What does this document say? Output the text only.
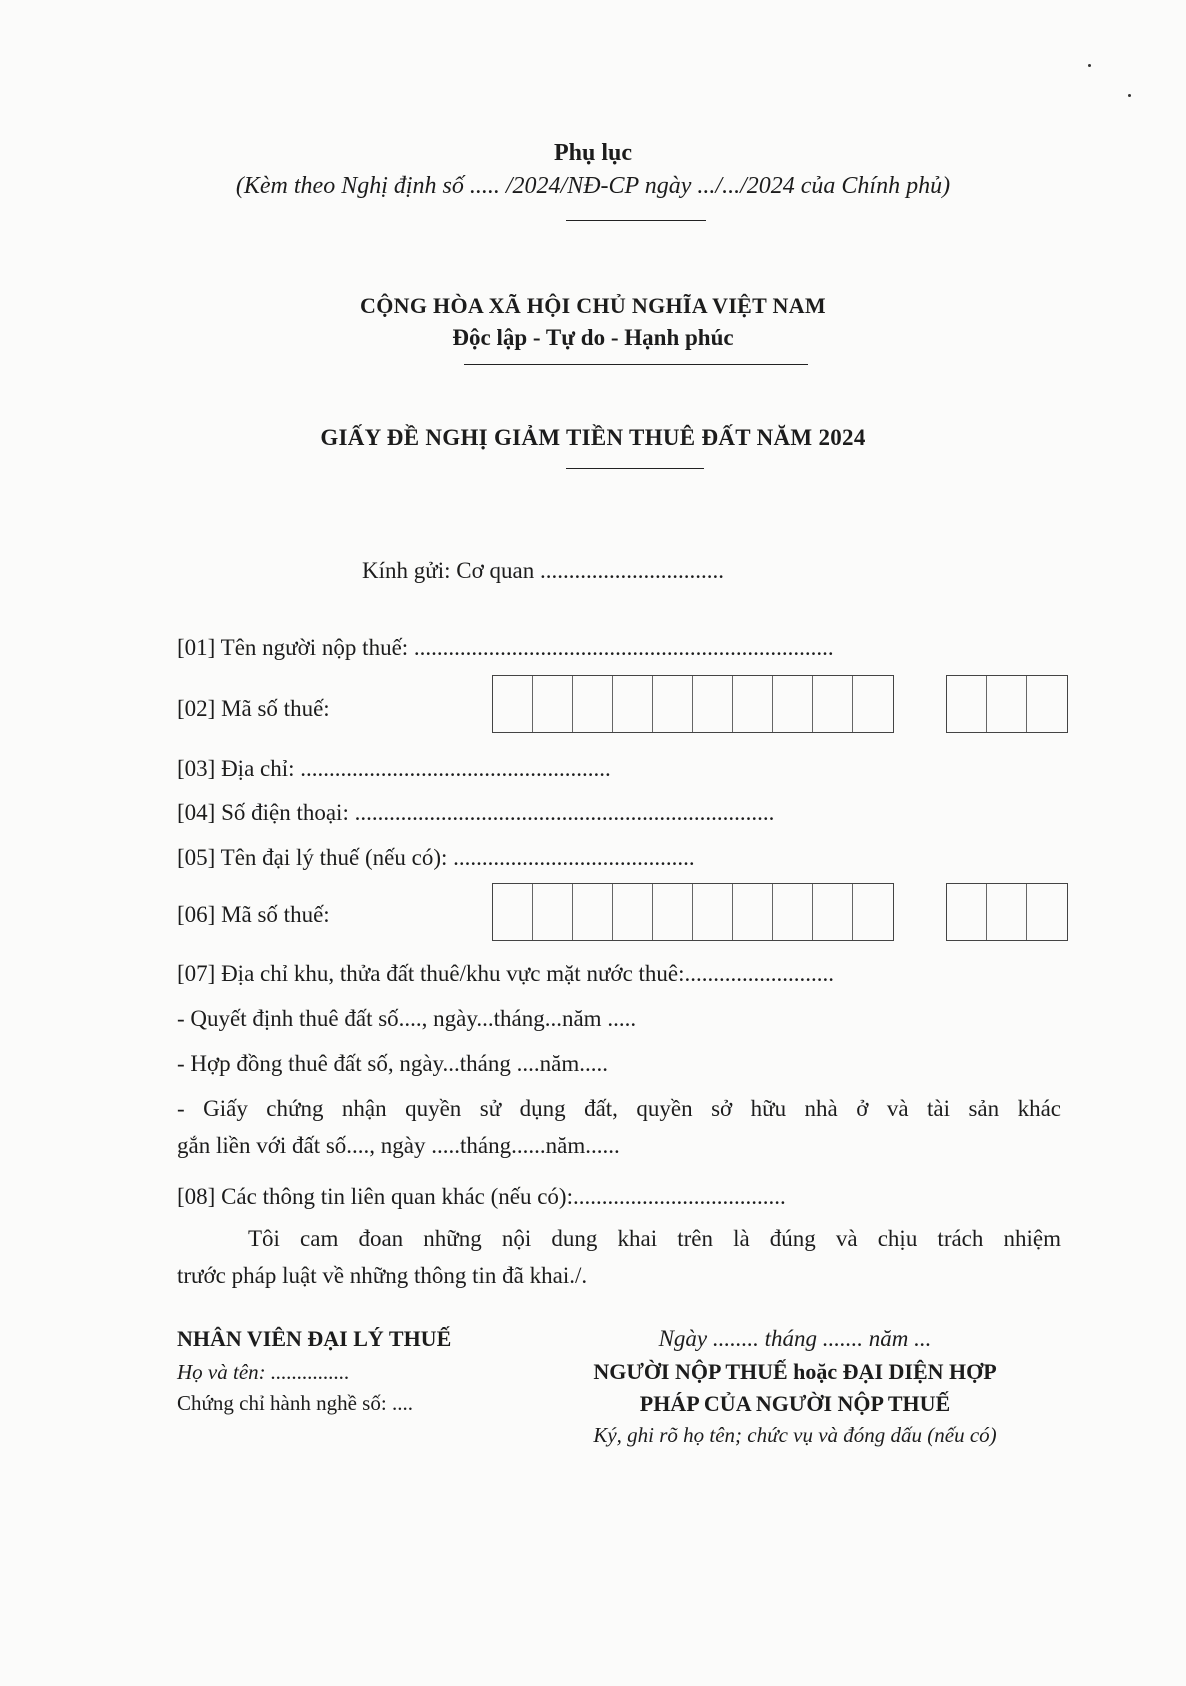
Phụ lục
(Kèm theo Nghị định số ..... /2024/NĐ-CP ngày .../.../2024 của Chính phủ)
CỘNG HÒA XÃ HỘI CHỦ NGHĨA VIỆT NAM
Độc lập - Tự do - Hạnh phúc
GIẤY ĐỀ NGHỊ GIẢM TIỀN THUÊ ĐẤT NĂM 2024
Kính gửi: Cơ quan ................................
[01] Tên người nộp thuế: .........................................................................
[02] Mã số thuế:
[03] Địa chỉ: ......................................................
[04] Số điện thoại: .........................................................................
[05] Tên đại lý thuế (nếu có): ..........................................
[06] Mã số thuế:
[07] Địa chỉ khu, thửa đất thuê/khu vực mặt nước thuê:..........................
- Quyết định thuê đất số...., ngày...tháng...năm .....
- Hợp đồng thuê đất số, ngày...tháng ....năm.....
- Giấy chứng nhận quyền sử dụng đất, quyền sở hữu nhà ở và tài sản khác
gắn liền với đất số...., ngày .....tháng......năm......
[08] Các thông tin liên quan khác (nếu có):.....................................
Tôi cam đoan những nội dung khai trên là đúng và chịu trách nhiệm
trước pháp luật về những thông tin đã khai./.
NHÂN VIÊN ĐẠI LÝ THUẾ
Họ và tên: ...............
Chứng chỉ hành nghề số: ....
Ngày ........ tháng ....... năm ...
NGƯỜI NỘP THUẾ hoặc ĐẠI DIỆN HỢP
PHÁP CỦA NGƯỜI NỘP THUẾ
Ký, ghi rõ họ tên; chức vụ và đóng dấu (nếu có)
